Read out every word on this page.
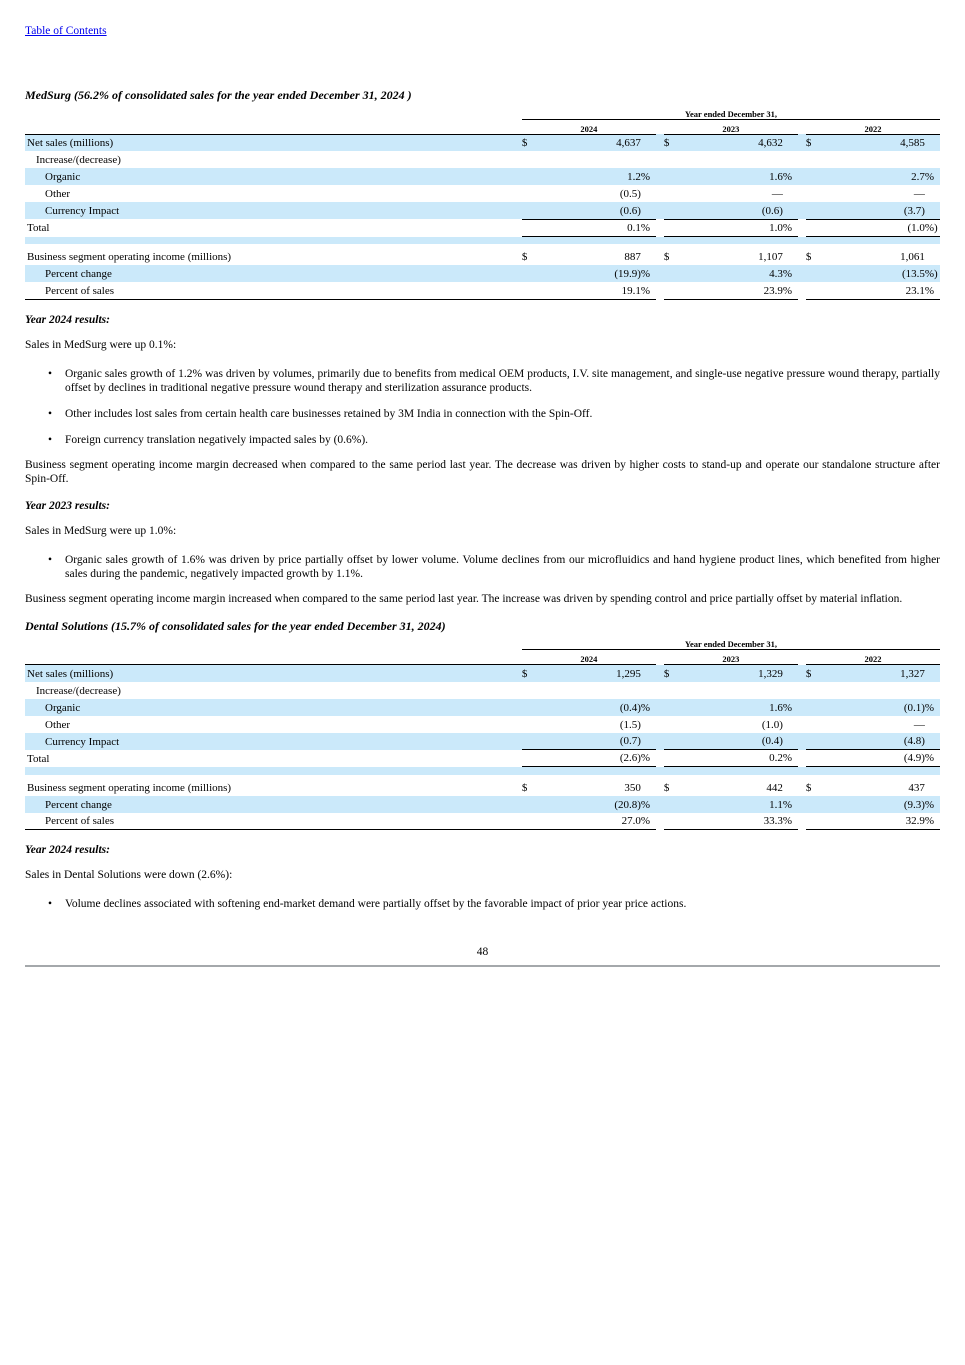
Table of Contents
MedSurg (56.2% of consolidated sales for the year ended December 31, 2024 )
	Year ended December 31,										
	2024				2023				2022		
Net sales (millions)	$	4,637			$	4,632			$	4,585	
Increase/(decrease)											
Organic		1.2	%			1.6	%			2.7	%
Other		(0.5)				—				—	
Currency Impact		(0.6)				(0.6)				(3.7)	
Total		0.1	%			1.0	%			(1.0	%)

Business segment operating income (millions)	$	887			$	1,107			$	1,061	
Percent change		(19.9)	%			4.3	%			(13.5	%)
Percent of sales		19.1	%			23.9	%			23.1	%
Year 2024 results:
Sales in MedSurg were up 0.1%:
•	Organic sales growth of 1.2% was driven by volumes, primarily due to benefits from medical OEM products, I.V. site management, and single-use negative pressure wound therapy, partially offset by declines in traditional negative pressure wound therapy and sterilization assurance products.
•	Other includes lost sales from certain health care businesses retained by 3M India in connection with the Spin-Off.
•	Foreign currency translation negatively impacted sales by (0.6%).
Business segment operating income margin decreased when compared to the same period last year. The decrease was driven by higher costs to stand-up and operate our standalone structure after Spin-Off.
Year 2023 results:
Sales in MedSurg were up 1.0%:
•	Organic sales growth of 1.6% was driven by price partially offset by lower volume. Volume declines from our microfluidics and hand hygiene product lines, which benefited from higher sales during the pandemic, negatively impacted growth by 1.1%.
Business segment operating income margin increased when compared to the same period last year. The increase was driven by spending control and price partially offset by material inflation.
Dental Solutions (15.7% of consolidated sales for the year ended December 31, 2024)
	Year ended December 31,										
	2024				2023				2022		
Net sales (millions)	$	1,295			$	1,329			$	1,327	
Increase/(decrease)											
Organic		(0.4)	%			1.6	%			(0.1)	%
Other		(1.5)				(1.0)				—	
Currency Impact		(0.7)				(0.4)				(4.8)	
Total		(2.6)	%			0.2	%			(4.9)	%

Business segment operating income (millions)	$	350			$	442			$	437	
Percent change		(20.8)	%			1.1	%			(9.3)	%
Percent of sales		27.0	%			33.3	%			32.9	%
Year 2024 results:
Sales in Dental Solutions were down (2.6%):
•	Volume declines associated with softening end-market demand were partially offset by the favorable impact of prior year price actions.
48
